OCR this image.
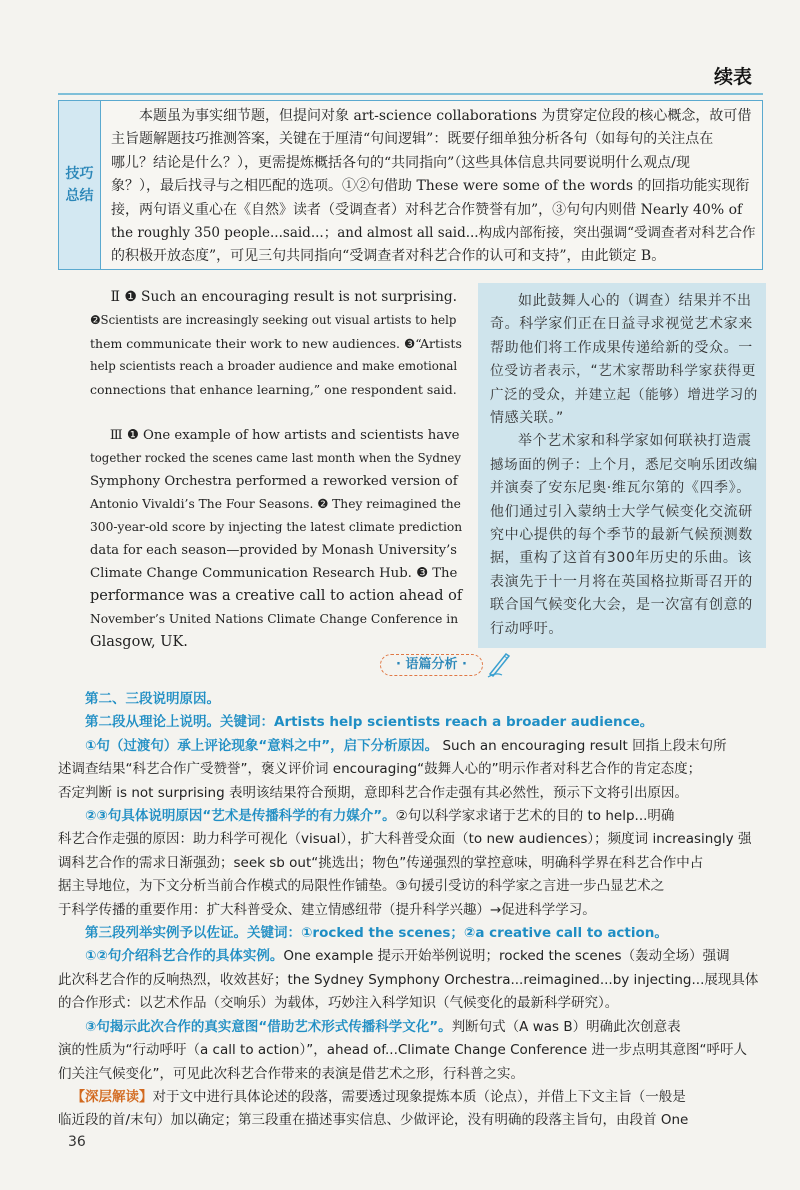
续表
技巧
总结
本题虽为事实细节题，但提问对象 art-science collaborations 为贯穿定位段的核心概念，故可借
主旨题解题技巧推测答案，关键在于厘清“句间逻辑”：既要仔细单独分析各句（如每句的关注点在
哪儿？结论是什么？），更需提炼概括各句的“共同指向”（这些具体信息共同要说明什么观点/现
象？），最后找寻与之相匹配的选项。①②句借助 These were some of the words 的回指功能实现衔
接，两句语义重心在《自然》读者（受调查者）对科艺合作赞誉有加”，③句句内则借 Nearly 40% of
the roughly 350 people...said...；and almost all said...构成内部衔接，突出强调“受调查者对科艺合作
的积极开放态度”，可见三句共同指向“受调查者对科艺合作的认可和支持”，由此锁定 B。
Ⅱ ❶ Such an encouraging result is not surprising.
❷Scientists are increasingly seeking out visual artists to help
them communicate their work to new audiences. ❸“Artists
help scientists reach a broader audience and make emotional
connections that enhance learning,” one respondent said.
Ⅲ ❶ One example of how artists and scientists have
together rocked the scenes came last month when the Sydney
Symphony Orchestra performed a reworked version of
Antonio Vivaldi’s The Four Seasons. ❷ They reimagined the
300-year-old score by injecting the latest climate prediction
data for each season—provided by Monash University’s
Climate Change Communication Research Hub. ❸ The
performance was a creative call to action ahead of
November’s United Nations Climate Change Conference in
Glasgow, UK.
如此鼓舞人心的（调查）结果并不出
奇。科学家们正在日益寻求视觉艺术家来
帮助他们将工作成果传递给新的受众。一
位受访者表示，“艺术家帮助科学家获得更
广泛的受众，并建立起（能够）增进学习的
情感关联。”
举个艺术家和科学家如何联袂打造震
撼场面的例子：上个月，悉尼交响乐团改编
并演奏了安东尼奥·维瓦尔第的《四季》。
他们通过引入蒙纳士大学气候变化交流研
究中心提供的每个季节的最新气候预测数
据，重构了这首有300年历史的乐曲。该
表演先于十一月将在英国格拉斯哥召开的
联合国气候变化大会，是一次富有创意的
行动呼吁。
· 语篇分析 ·
第二、三段说明原因。
第二段从理论上说明。关键词：Artists help scientists reach a broader audience。
①句（过渡句）承上评论现象“意料之中”，启下分析原因。 Such an encouraging result 回指上段末句所
述调查结果“科艺合作广受赞誉”，褒义评价词 encouraging“鼓舞人心的”明示作者对科艺合作的肯定态度；
否定判断 is not surprising 表明该结果符合预期，意即科艺合作走强有其必然性，预示下文将引出原因。
②③句具体说明原因“艺术是传播科学的有力媒介”。②句以科学家求诸于艺术的目的 to help...明确
科艺合作走强的原因：助力科学可视化（visual），扩大科普受众面（to new audiences）；频度词 increasingly 强
调科艺合作的需求日渐强劲；seek sb out“挑选出；物色”传递强烈的掌控意味，明确科学界在科艺合作中占
据主导地位，为下文分析当前合作模式的局限性作铺垫。③句援引受访的科学家之言进一步凸显艺术之
于科学传播的重要作用：扩大科普受众、建立情感纽带（提升科学兴趣）→促进科学学习。
第三段列举实例予以佐证。关键词：①rocked the scenes；②a creative call to action。
①②句介绍科艺合作的具体实例。One example 提示开始举例说明；rocked the scenes（轰动全场）强调
此次科艺合作的反响热烈，收效甚好；the Sydney Symphony Orchestra...reimagined...by injecting...展现具体
的合作形式：以艺术作品（交响乐）为载体，巧妙注入科学知识（气候变化的最新科学研究）。
③句揭示此次合作的真实意图“借助艺术形式传播科学文化”。判断句式（A was B）明确此次创意表
演的性质为“行动呼吁（a call to action）”，ahead of...Climate Change Conference 进一步点明其意图“呼吁人
们关注气候变化”，可见此次科艺合作带来的表演是借艺术之形，行科普之实。
【深层解读】对于文中进行具体论述的段落，需要透过现象提炼本质（论点），并借上下文主旨（一般是
临近段的首/末句）加以确定；第三段重在描述事实信息、少做评论，没有明确的段落主旨句，由段首 One
36
